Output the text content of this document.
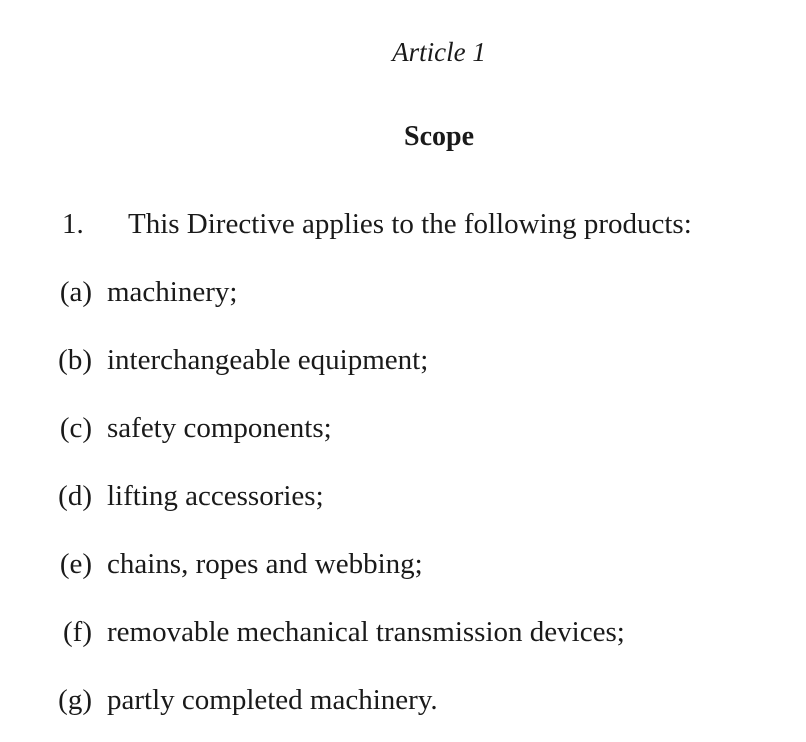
Article 1
Scope
1. This Directive applies to the following products:
(a) machinery;
(b) interchangeable equipment;
(c) safety components;
(d) lifting accessories;
(e) chains, ropes and webbing;
(f) removable mechanical transmission devices;
(g) partly completed machinery.
